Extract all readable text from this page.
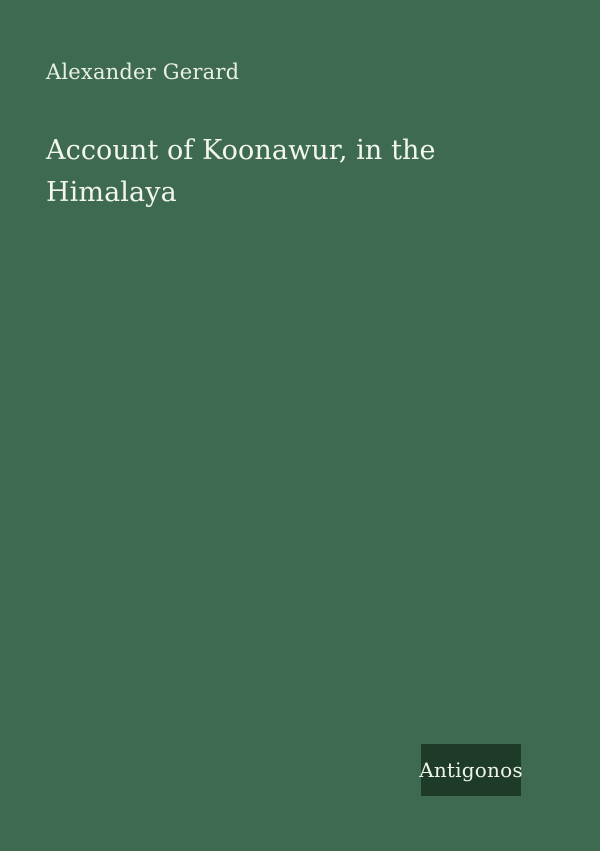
Alexander Gerard
Account of Koonawur, in the Himalaya
Antigonos
